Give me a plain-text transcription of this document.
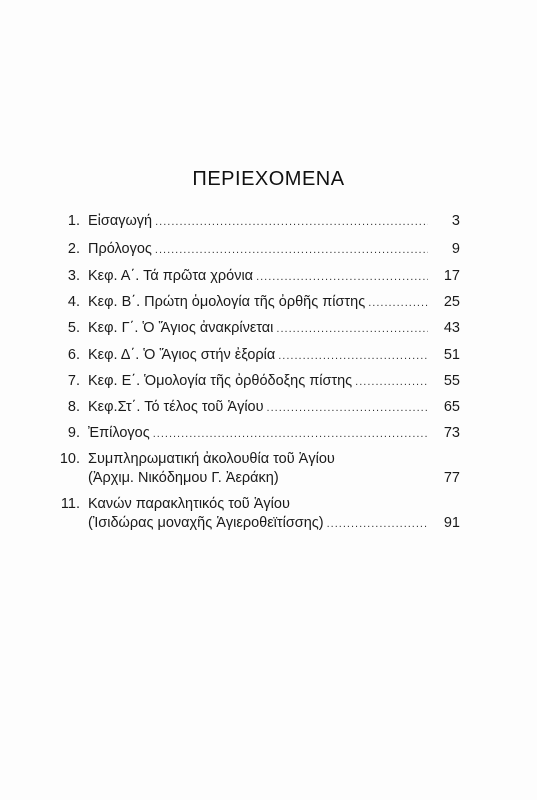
ΠΕΡΙΕΧΟΜΕΝΑ
1. Εἰσαγωγή .....	3
2. Πρόλογος .....	9
3. Κεφ. Α΄. Τά πρῶτα χρόνια .....	17
4. Κεφ. Β΄. Πρώτη ὁμολογία τῆς ὀρθῆς πίστης .....	25
5. Κεφ. Γ΄. Ὁ Ἅγιος ἀνακρίνεται .....	43
6. Κεφ. Δ΄. Ὁ Ἅγιος στήν ἐξορία .....	51
7. Κεφ. Ε΄. Ὁμολογία τῆς ὀρθόδοξης πίστης .....	55
8. Κεφ.Στ΄. Τό τέλος τοῦ Ἁγίου .....	65
9. Ἐπίλογος .....	73
10. Συμπληρωματική ἀκολουθία τοῦ Ἁγίου
(Ἀρχιμ. Νικόδημου Γ. Ἀεράκη)	77
11. Κανών παρακλητικός τοῦ Ἁγίου
(Ἰσιδώρας μοναχῆς Ἁγιεροθεϊτίσσης) .....	91
